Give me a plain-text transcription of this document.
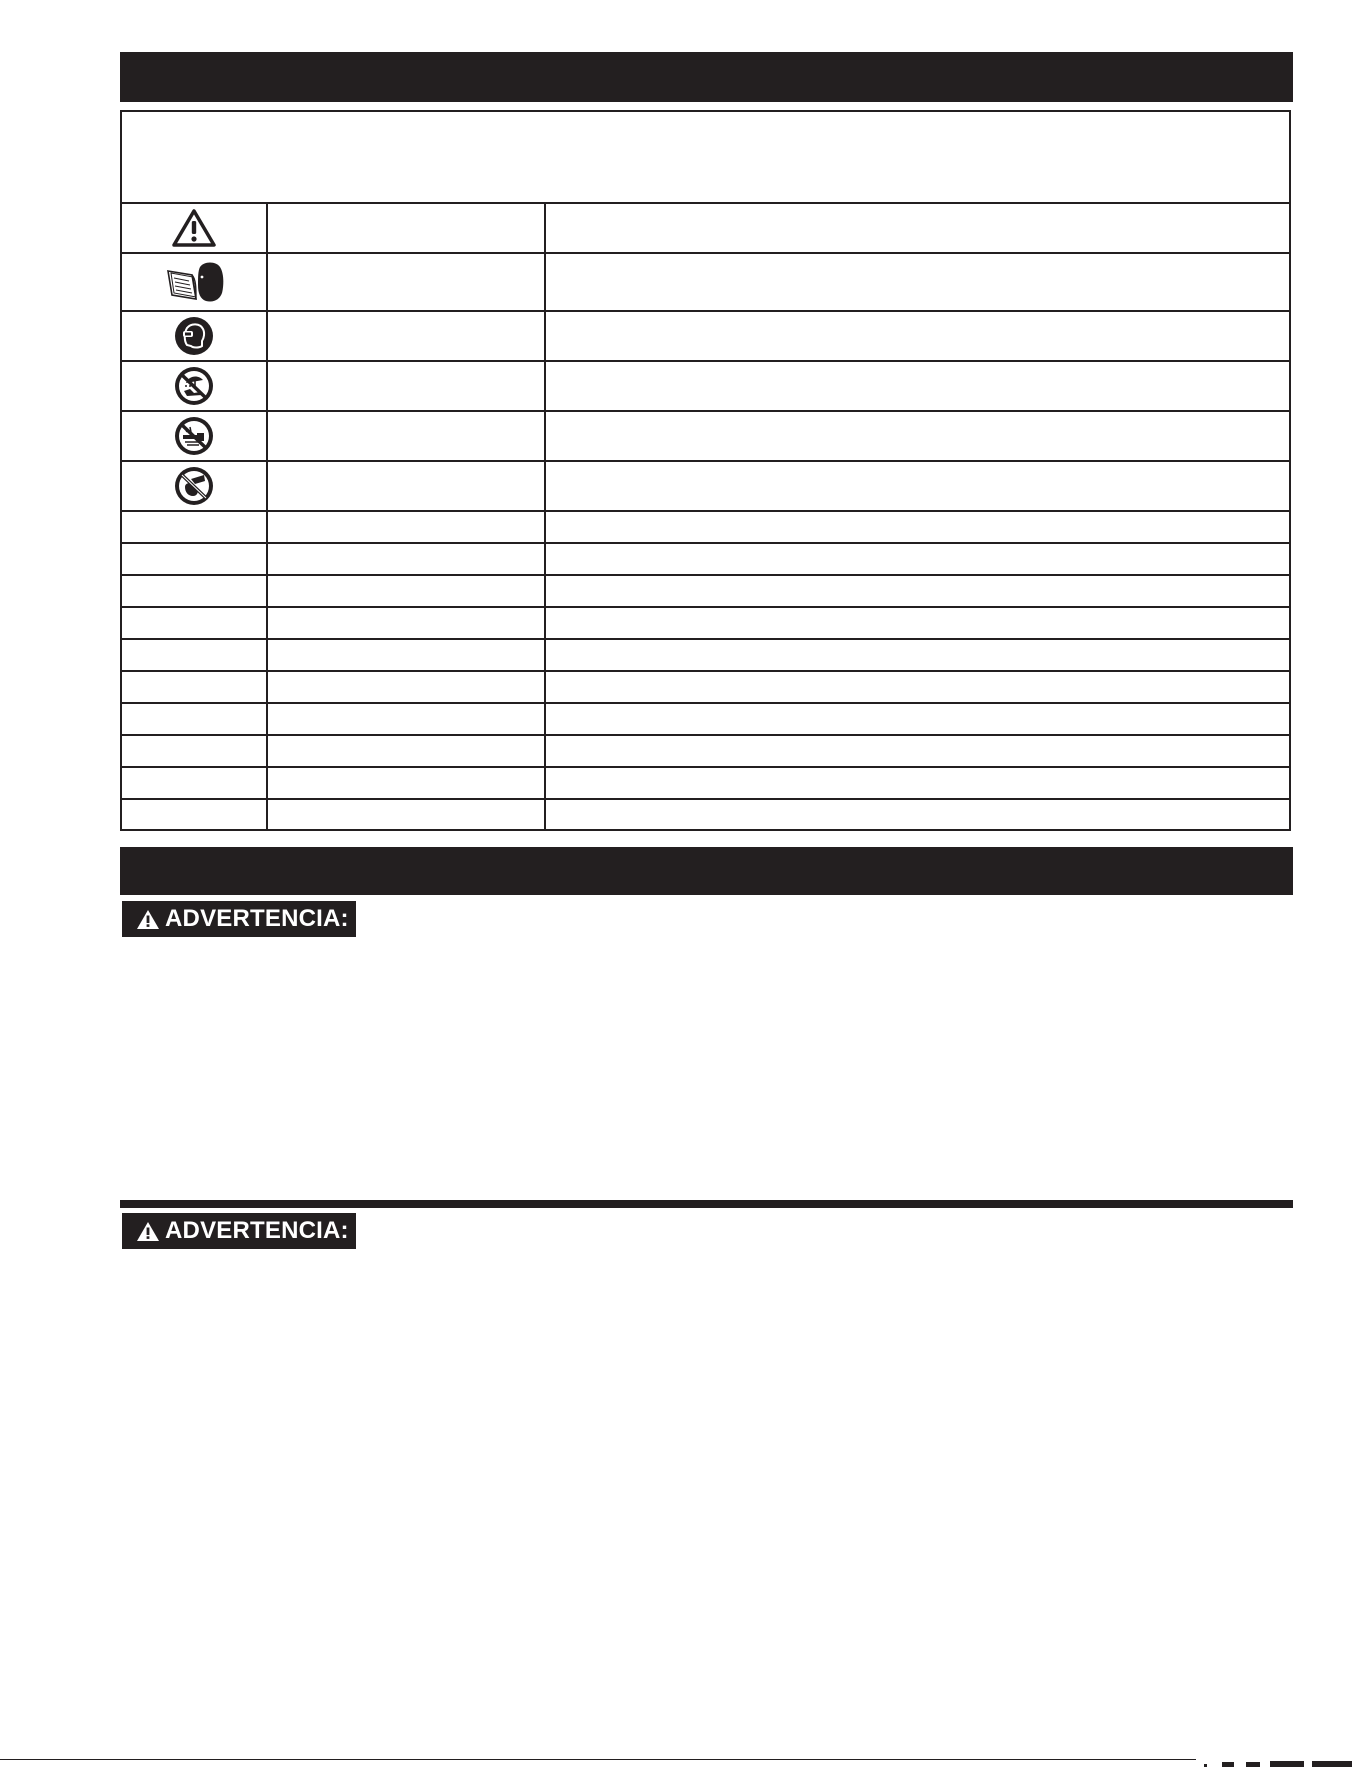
ADVERTENCIA:
ADVERTENCIA:
